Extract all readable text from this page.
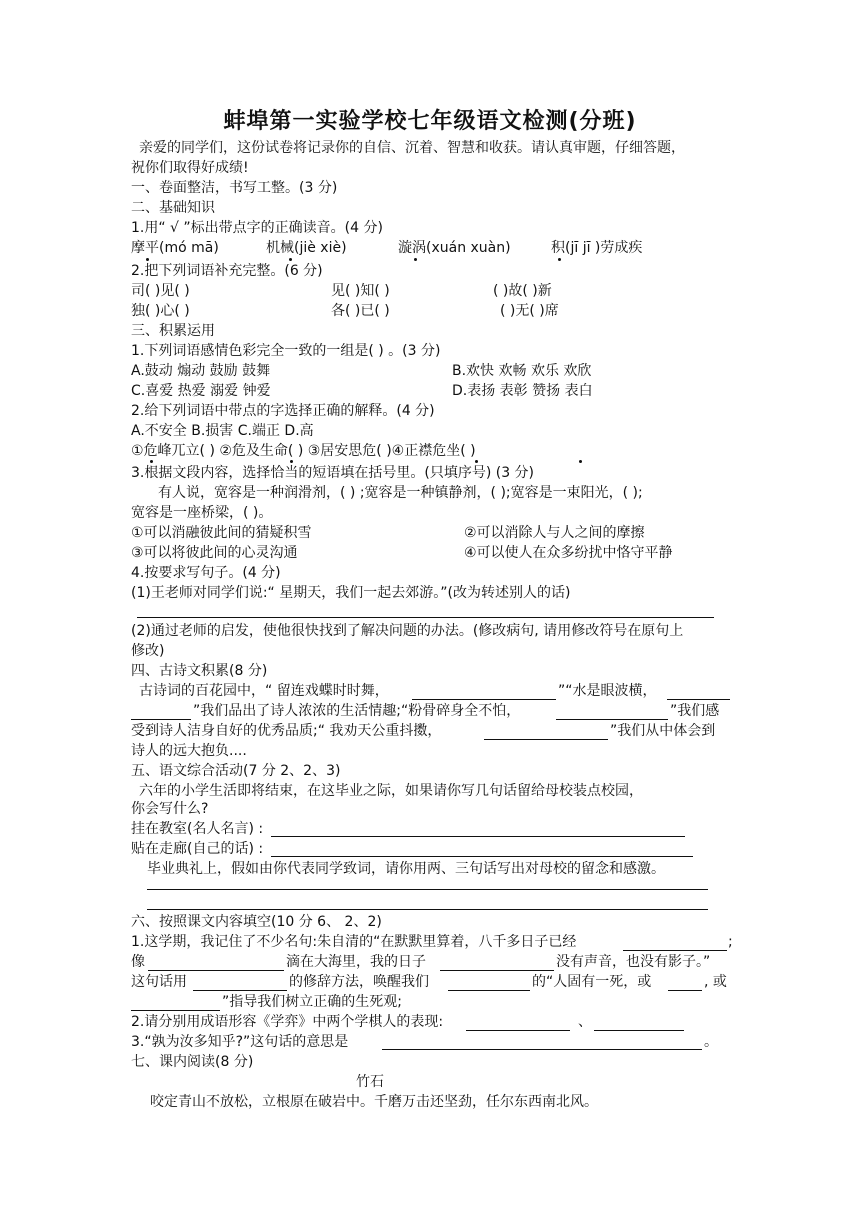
蚌埠第一实验学校七年级语文检测(分班)
亲爱的同学们，这份试卷将记录你的自信、沉着、智慧和收获。请认真审题，仔细答题，
祝你们取得好成绩!
一、卷面整洁，书写工整。(3 分)
二、基础知识
1.用“ √ ”标出带点字的正确读音。(4 分)
摩平(mó mā)	机械(jiè xiè)	漩涡(xuán xuàn)	积(jī jī )劳成疾
2.把下列词语补充完整。(6 分)
司( )见( )	见( )知( )	( )故( )新
独( )心( )	各( )已( )	( )无( )席
三、积累运用
1.下列词语感情色彩完全一致的一组是( ) 。(3 分)
A.鼓动 煽动 鼓励 鼓舞	B.欢快 欢畅 欢乐 欢欣
C.喜爱 热爱 溺爱 钟爱	D.表扬 表彰 赞扬 表白
2.给下列词语中带点的字选择正确的解释。(4 分)
A.不安全 B.损害 C.端正 D.高
①危峰兀立( ) ②危及生命( ) ③居安思危( )④正襟危坐( )
3.根据文段内容，选择恰当的短语填在括号里。(只填序号) (3 分)
有人说，宽容是一种润滑剂，( ) ;宽容是一种镇静剂，( );宽容是一束阳光，( );
宽容是一座桥梁，( )。
①可以消融彼此间的猜疑积雪	②可以消除人与人之间的摩擦
③可以将彼此间的心灵沟通	④可以使人在众多纷扰中恪守平静
4.按要求写句子。(4 分)
(1)王老师对同学们说:“ 星期天，我们一起去郊游。”(改为转述别人的话)
(2)通过老师的启发，使他很快找到了解决问题的办法。(修改病句, 请用修改符号在原句上
修改)
四、古诗文积累(8 分)
古诗词的百花园中，“ 留连戏蝶时时舞，	”“水是眼波横，
”我们品出了诗人浓浓的生活情趣;“粉骨碎身全不怕，	”我们感
受到诗人洁身自好的优秀品质;“ 我劝天公重抖擞，	”我们从中体会到
诗人的远大抱负....
五、语文综合活动(7 分 2、2、3)
六年的小学生活即将结束，在这毕业之际，如果请你写几句话留给母校装点校园，
你会写什么?
挂在教室(名人名言) :
贴在走廊(自己的话) :
毕业典礼上，假如由你代表同学致词，请你用两、三句话写出对母校的留念和感激。
六、按照课文内容填空(10 分 6、 2、2)
1.这学期，我记住了不少名句:朱自清的“在默默里算着，八千多日子已经	;
像	滴在大海里，我的日子	没有声音，也没有影子。”
这句话用	的修辞方法，唤醒我们	的“人固有一死，或	, 或
”指导我们树立正确的生死观;
2.请分别用成语形容《学弈》中两个学棋人的表现:	、
3.“孰为汝多知乎?”这句话的意思是	。
七、课内阅读(8 分)
竹石
咬定青山不放松，立根原在破岩中。千磨万击还坚劲，任尔东西南北风。
